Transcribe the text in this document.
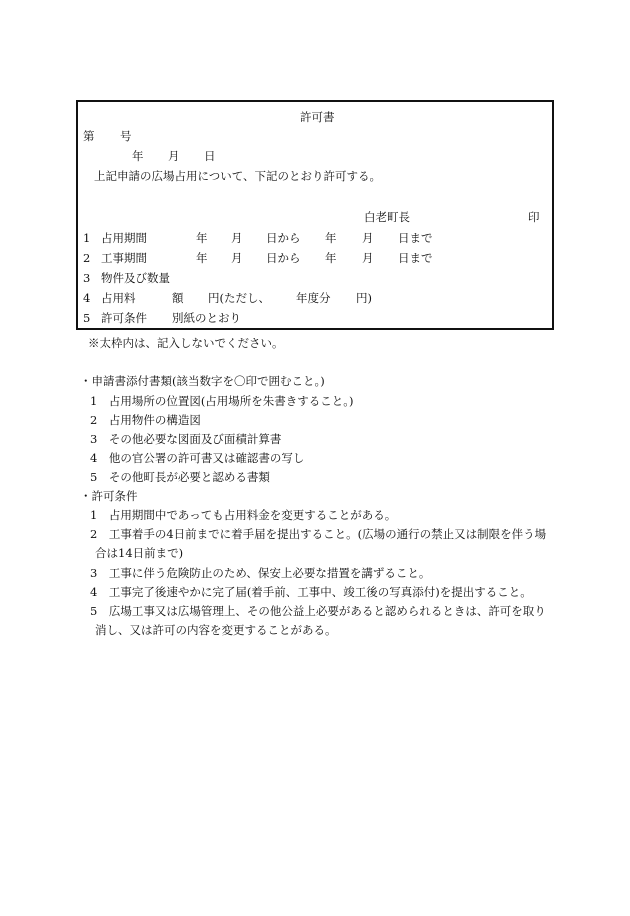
許可書
第 号
年 月 日
上記申請の広場占用について、下記のとおり許可する。
白老町長	印
1 占用期間	年 月 日から 年 月 日まで
2 工事期間	年 月 日から 年 月 日まで
3 物件及び数量
4 占用料	額 円(ただし、 年度分 円)
5 許可条件 別紙のとおり
※太枠内は、記入しないでください。
・申請書添付書類(該当数字を〇印で囲むこと。)
1　占用場所の位置図(占用場所を朱書きすること。)
2　占用物件の構造図
3　その他必要な図面及び面積計算書
4　他の官公署の許可書又は確認書の写し
5　その他町長が必要と認める書類
・許可条件
1　占用期間中であっても占用料金を変更することがある。
2　工事着手の4日前までに着手届を提出すること。(広場の通行の禁止又は制限を伴う場
合は14日前まで)
3　工事に伴う危険防止のため、保安上必要な措置を講ずること。
4　工事完了後速やかに完了届(着手前、工事中、竣工後の写真添付)を提出すること。
5　広場工事又は広場管理上、その他公益上必要があると認められるときは、許可を取り
消し、又は許可の内容を変更することがある。
